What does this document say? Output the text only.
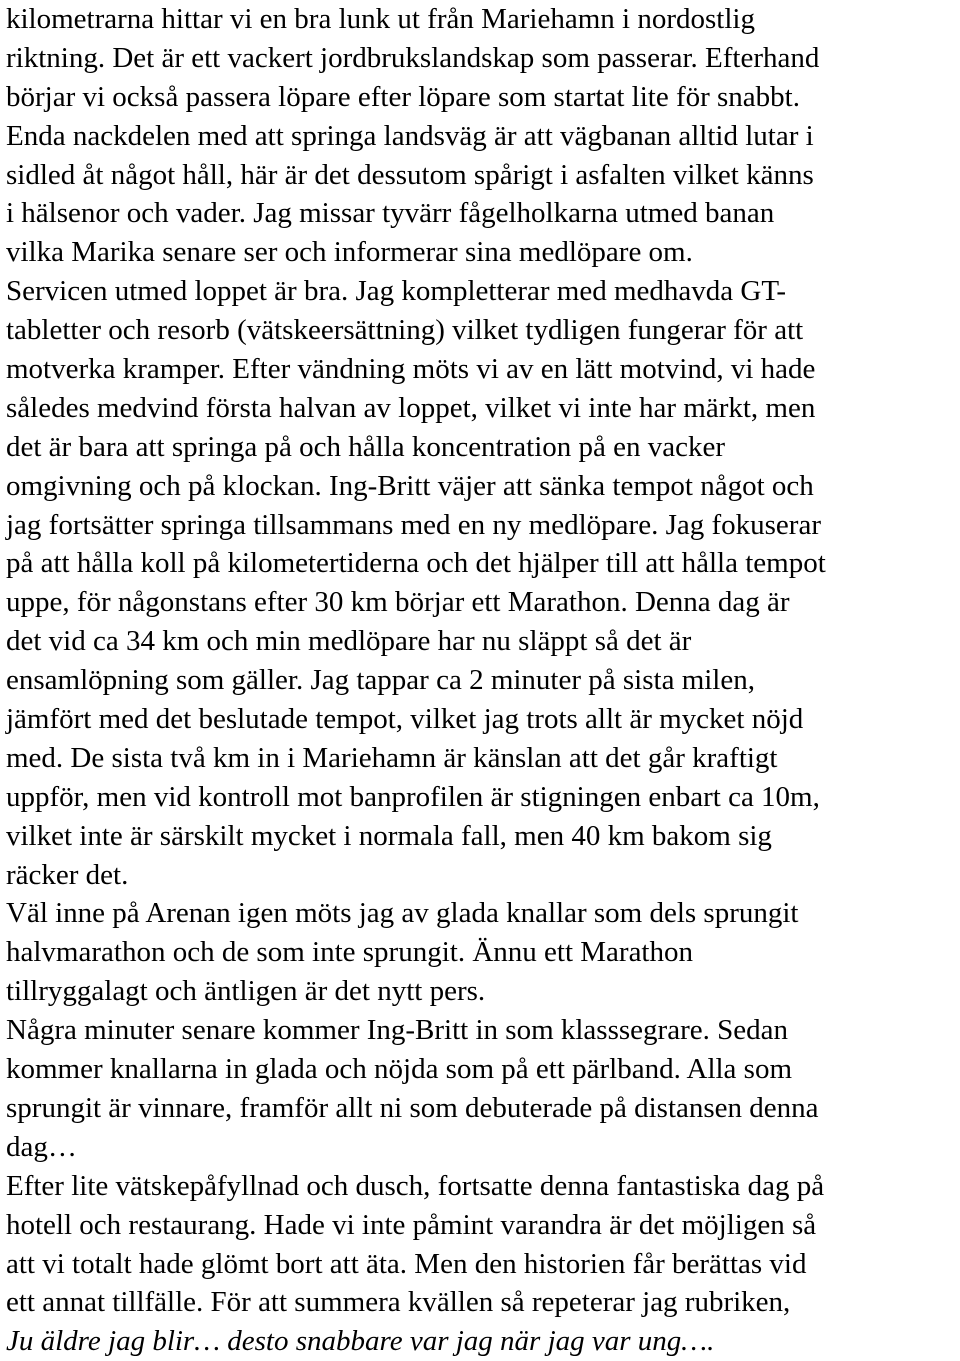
kilometrarna hittar vi en bra lunk ut från Mariehamn i nordostlig
riktning. Det är ett vackert jordbrukslandskap som passerar. Efterhand
börjar vi också passera löpare efter löpare som startat lite för snabbt.
Enda nackdelen med att springa landsväg är att vägbanan alltid lutar i
sidled åt något håll, här är det dessutom spårigt i asfalten vilket känns
i hälsenor och vader. Jag missar tyvärr fågelholkarna utmed banan
vilka Marika senare ser och informerar sina medlöpare om.
Servicen utmed loppet är bra. Jag kompletterar med medhavda GT-
tabletter och resorb (vätskeersättning) vilket tydligen fungerar för att
motverka kramper. Efter vändning möts vi av en lätt motvind, vi hade
således medvind första halvan av loppet, vilket vi inte har märkt, men
det är bara att springa på och hålla koncentration på en vacker
omgivning och på klockan. Ing-Britt väjer att sänka tempot något och
jag fortsätter springa tillsammans med en ny medlöpare. Jag fokuserar
på att hålla koll på kilometertiderna och det hjälper till att hålla tempot
uppe, för någonstans efter 30 km börjar ett Marathon. Denna dag är
det vid ca 34 km och min medlöpare har nu släppt så det är
ensamlöpning som gäller. Jag tappar ca 2 minuter på sista milen,
jämfört med det beslutade tempot, vilket jag trots allt är mycket nöjd
med. De sista två km in i Mariehamn är känslan att det går kraftigt
uppför, men vid kontroll mot banprofilen är stigningen enbart ca 10m,
vilket inte är särskilt mycket i normala fall, men 40 km bakom sig
räcker det.
Väl inne på Arenan igen möts jag av glada knallar som dels sprungit
halvmarathon och de som inte sprungit. Ännu ett Marathon
tillryggalagt och äntligen är det nytt pers.
Några minuter senare kommer Ing-Britt in som klasssegrare. Sedan
kommer knallarna in glada och nöjda som på ett pärlband. Alla som
sprungit är vinnare, framför allt ni som debuterade på distansen denna
dag…
Efter lite vätskepåfyllnad och dusch, fortsatte denna fantastiska dag på
hotell och restaurang. Hade vi inte påmint varandra är det möjligen så
att vi totalt hade glömt bort att äta. Men den historien får berättas vid
ett annat tillfälle. För att summera kvällen så repeterar jag rubriken,
Ju äldre jag blir… desto snabbare var jag när jag var ung….
